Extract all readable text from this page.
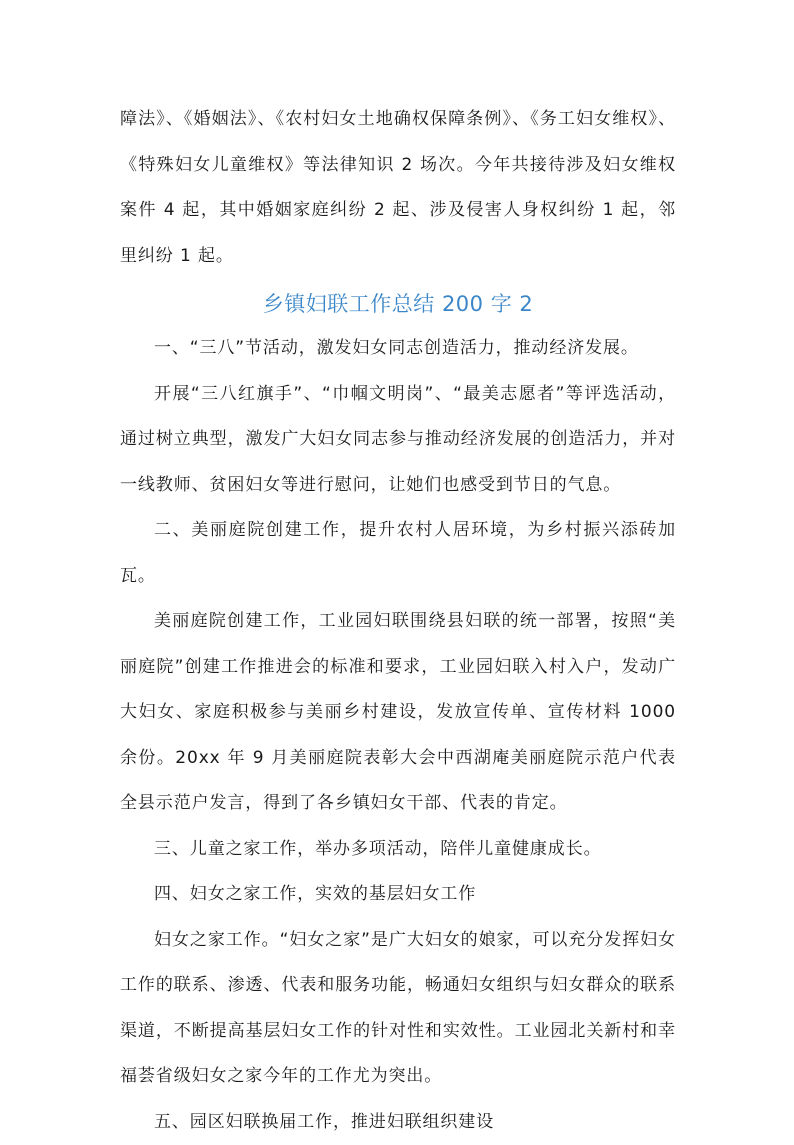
障法》、《婚姻法》、《农村妇女土地确权保障条例》、《务工妇女维权》、《特殊妇女儿童维权》等法律知识 2 场次。今年共接待涉及妇女维权案件 4 起，其中婚姻家庭纠纷 2 起、涉及侵害人身权纠纷 1 起，邻里纠纷 1 起。

乡镇妇联工作总结 200 字 2

一、“三八”节活动，激发妇女同志创造活力，推动经济发展。

开展“三八红旗手”、“巾帼文明岗”、“最美志愿者”等评选活动，通过树立典型，激发广大妇女同志参与推动经济发展的创造活力，并对一线教师、贫困妇女等进行慰问，让她们也感受到节日的气息。

二、美丽庭院创建工作，提升农村人居环境，为乡村振兴添砖加瓦。

美丽庭院创建工作，工业园妇联围绕县妇联的统一部署，按照“美丽庭院”创建工作推进会的标准和要求，工业园妇联入村入户，发动广大妇女、家庭积极参与美丽乡村建设，发放宣传单、宣传材料 1000 余份。20xx 年 9 月美丽庭院表彰大会中西湖庵美丽庭院示范户代表全县示范户发言，得到了各乡镇妇女干部、代表的肯定。

三、儿童之家工作，举办多项活动，陪伴儿童健康成长。

四、妇女之家工作，实效的基层妇女工作

妇女之家工作。“妇女之家”是广大妇女的娘家，可以充分发挥妇女工作的联系、渗透、代表和服务功能，畅通妇女组织与妇女群众的联系渠道，不断提高基层妇女工作的针对性和实效性。工业园北关新村和幸福荟省级妇女之家今年的工作尤为突出。

五、园区妇联换届工作，推进妇联组织建设
